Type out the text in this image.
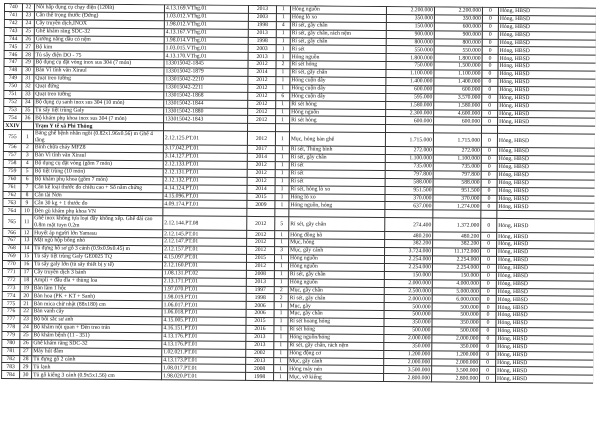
740	22	Nồi hấp dụng cụ chạy điện (120lít)	4.13.169.VThg.01	2013	1	Hỏng nguồn	2.200.000	2.200.000	0	Hỏng, HBSD
741	23	Cân thể trọng thước (Đứng)	1.03.012.VThg.01	2003	1	Hỏng lò xo	350.000	350.000	0	Hỏng, HBSD
742	24	Cây truyền dịch,INOX	1.98.012.VThg.01	1998	4	Rỉ sét, gãy chân	150.000	600.000	0	Hỏng, HBSD
743	25	Ghế khám răng SDC-32	4.13.167.VThg.01	2013	1	Rỉ sét, gãy chân, rách nệm	900.000	900.000	0	Hỏng, HBSD
744	26	Gường nằng dầu có nệm	1.98.014.VThg.01	1998	1	Rỉ sét, gãy chân	800.000	800.000	0	Hỏng, HBSD
745	27	Bộ kim	1.03.015.VThg.01	2003	1	Rỉ sét	550.000	550.000	0	Hỏng, HBSD
746	28	Tủ sấy điện DO - 75	4.13.170.VThg.01	2013	1	Hỏng nguồn	1.800.000	1.800.000	0	Hỏng, HBSD
747	29	Bộ dụng cụ đặt vòng inox sus 304 (7 món)	133015042-1845	2012	2	Rỉ sét hỏng	750.000	1.500.000	0	Hỏng, HBSD
748	30	Bàn Vì tính văn Xiraul	133015042-1879	2014	1	Rỉ sét, gãy chân	1.100.000	1.100.000	0	Hỏng, HBSD
749	31	Quạt treo tường	133015042-2210	2012	1	Hỏng cuộn dây	1.400.000	1.400.000	0	Hỏng, HBSD
750	32	Quạt đứng	133015042-2211	2012	1	Hỏng cuộn dây	600.000	600.000	0	Hỏng, HBSD
751	33	Quạt treo tường	133015042-1868	2012	6	Hỏng cuộn dây	595.000	3.570.000	0	Hỏng, HBSD
752	34	Bộ dụng cụ sanh inox sus 304 (10 món)	133015042-1844	2012	1	Rỉ sét hỏng	1.580.000	1.580.000	0	Hỏng, HBSD
753	35	Tủ sấy tiệt trùng Galy	133015042-1880	2012	1	Hỏng nguồn	2.300.000	4.600.000	0	Hỏng, HBSD
754	36	Bộ khám phụ khoa inox sus 304 (7 món)	133015042-1843	2012	1	Rỉ sét hỏng	600.000	600.000	0	Hỏng, HBSD
XXIV		Trạm Y tế xã Phi Thông								
755	1	Bảng ghế bệnh nhân ngồi (0.82x1.96x0.56) m Ghế 4 tầng	2.12.125.PT.01	2012	1	Mục, hỏng bản ghế	1.715.000	1.715.000	0	Hỏng, HBSD
756	2	Bình chữa cháy MFZ8	3.17.042.PT.01	2017	1	Rỉ sét, Thủng bình	272.000	272.000	0	Hỏng, HBSD
757	3	Bàn Vì tính văn Xiraul	3.14.127.PT.01	2014	1	Rỉ sét, gãy chân	1.100.000	1.100.000	0	Hỏng, HBSD
758	4	Bộ dụng cụ đặt vòng (gồm 7 món)	2.12.133.PT.01	2012	1	Rỉ sét	735.000	735.000	0	Hỏng, HBSD
759	5	Bộ tiệt trùng (10 món)	2.12.131.PT.01	2012	1	Rỉ sét	797.800	797.800	0	Hỏng, HBSD
760	6	Bộ khám phụ khoa (gồm 7 món)	2.12.132.PT.01	2012	1	Rỉ sét	588.000	588.000	0	Hỏng, HBSD
761	7	Cân kê loại thước đo chiều cao + Số năm chứng	4.14.124.PT.01	2014	1	Rỉ sét, hỏng lò xo	951.500	951.500	0	Hỏng, HBSD
762	8	Cân tài Nơn	4.15.096.PT.01	2015	1	Hỏng lò xo	370.000	370.000	0	Hỏng, HBSD
763	9	Cân 30 kg + 1 thước đo	4.09.174.PT.01	2009	1	Hỏng nguồn, hỏng	637.000	1.274.000	0	Hỏng, HBSD
764	10	Đèn gù khám phụ khoa VN								
765	11	Ghế inox không tựa loại đẩy không xếp. Ghế dài cao 0.8m mặt tuyn 0.2m	2.12.144.PT.08	2012	5	Rỉ sét, gãy chân	274.400	1.372.000	0	Hỏng, HBSD
766	12	Huyết áp người lớn Yamasu	2.12.145.PT.01	2012	1	Hỏng đồng hồ	480.200	480.200	0	Hỏng, HBSD
767	13	Mặt ngủ hộp bông nhỏ	2.12.147.PT.01	2012	1	Mục, hỏng	382.200	382.200	0	Hỏng, HBSD
768	14	Tủ đựng hồ sơ gỗ 3 cánh (0.9x0.9x0.45) m	2.12.157.PT.01	2012	3	Mục, gãy cánh	3.724.000	11.172.000	0	Hỏng, HBSD
769	15	Tủ sấy tiệt trùng Galy GE0025 TQ	4.15.097.PT.01	2015	1	Hỏng nguồn	2.254.000	2.254.000	0	Hỏng, HBSD
770	16	Tủ sấy galy lớn (tủ sấy thiết bị y tế)	2.12.160.PT.01	2012	1	Hỏng nguồn	2.254.000	2.254.000	0	Hỏng, HBSD
771	17	Cây truyền dịch 3 bánh	1.08.131.PT.02	2008	1	Rỉ sét, gãy chân	150.000	150.000	0	Hỏng, HBSD
772	18	Ampli + đầu dĩa + thùng loa	2.13.171.PT.01	2013	1	Hỏng nguồn	2.000.000	4.000.000	0	Hỏng, HBSD
773	19	Bàn làm 1 hộc	1.97.070.PT.01	1997	2	Mục, gãy chân	2.500.000	5.000.000	0	Hỏng, HBSD
774	20	Bàn hoa (PK + KT + Sanh)	1.98.019.PT.01	1998	2	Rỉ sét, gãy chân	2.000.000	6.000.000	0	Hỏng, HBSD
775	21	Bàn mica chữ nhật (88x180) cm	1.06.017.PT.01	2006	1	Mục, gãy	500.000	500.000	0	Hỏng, HBSD
776	22	Bàn vanh cây	1.06.018.PT.01	2006	1	Mục, gãy chân	500.000	500.000	0	Hỏng, HBSD
777	23	Bộ bồi sắc sư anh	4.15.005.PT.01	2015	1	Rỉ sét hoang hóng	350.000	350.000	0	Hỏng, HBSD
778	24	Bộ khám nội quan + Đèn treo trán	4.16.151.PT.01	2016	1	Rỉ sét hỏng	500.000	500.000	0	Hỏng, HBSD
779	25	Bộ khám bệnh (11 - 351)	4.13.176.PT.01	2013	1	Hỏng nguồn/hỏng	2.000.000	2.000.000	0	Hỏng, HBSD
780	26	Ghế khám răng SDC-32	4.13.176.PT.01	2013	1	Rỉ sét, gãy chân, rách nệm	350.000	350.000	0	Hỏng, HBSD
781	27	Máy hút đàm	1.02.021.PT.01	2002	1	Hỏng động cơ	1.200.000	1.200.000	0	Hỏng, HBSD
782	28	Tủ đựng gỗ 2 cánh	4.13.173.PT.01	2013	1	Mục, gãy cánh	2.000.000	2.000.000	0	Hỏng, HBSD
783	29	Tủ lạnh	1.08.017.PT.01	2008	1	Hỏng máy nén	3.500.000	3.500.000	0	Hỏng, HBSD
784	30	Tủ gỗ kiếng 3 cánh (0.9x5x1.56) cm	1.98.020.PT.01	1998	1	Mục, vỡ kiếng	2.800.000	2.800.000	0	Hỏng, HBSD
